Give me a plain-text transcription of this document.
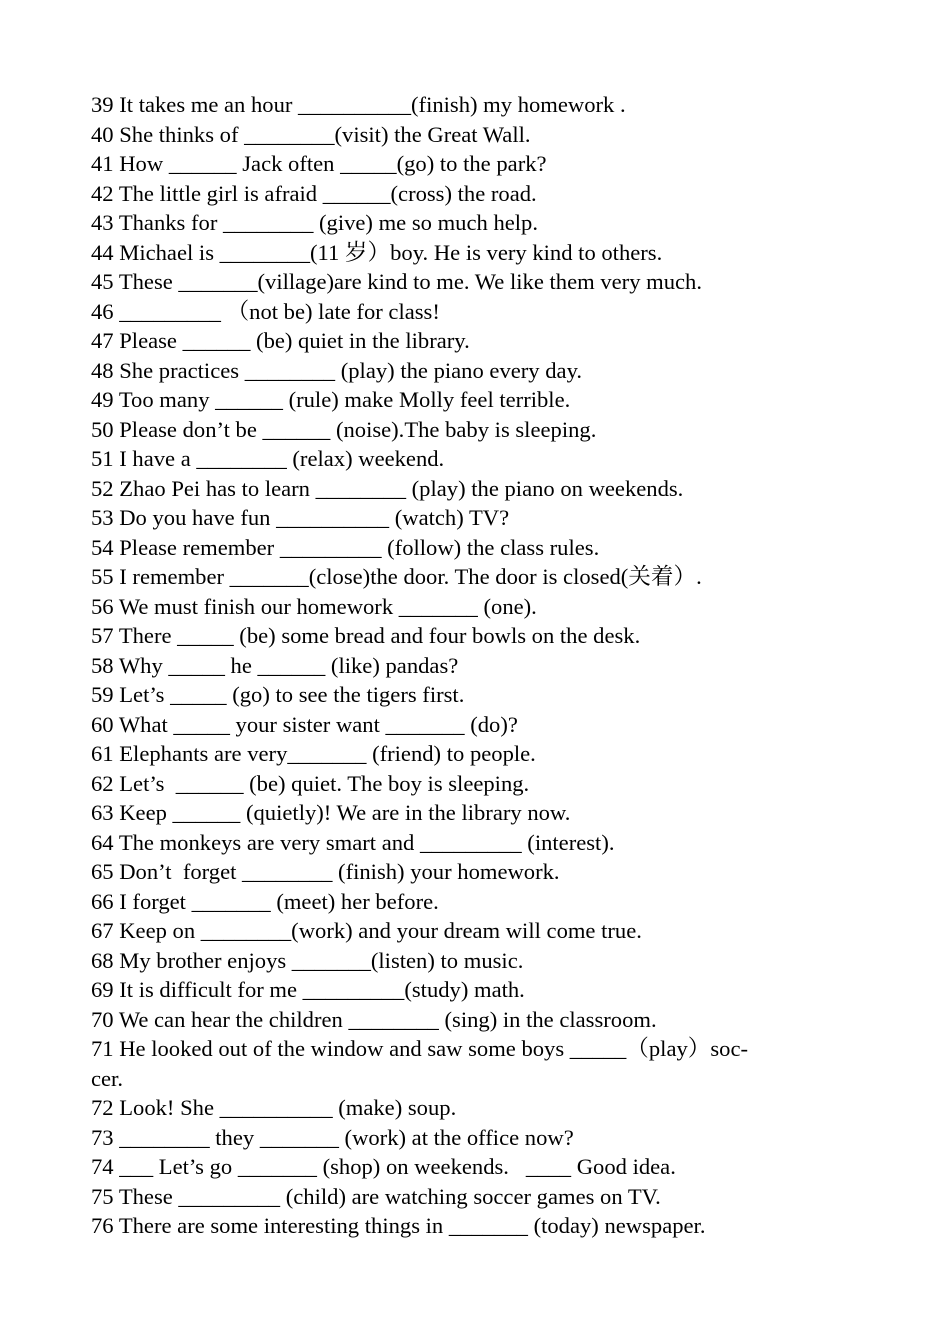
39 It takes me an hour __________(finish) my homework .
40 She thinks of ________(visit) the Great Wall.
41 How ______ Jack often _____(go) to the park?
42 The little girl is afraid ______(cross) the road.
43 Thanks for ________ (give) me so much help.
44 Michael is ________(11 岁）boy. He is very kind to others.
45 These _______(village)are kind to me. We like them very much.
46 _________ （not be) late for class!
47 Please ______ (be) quiet in the library.
48 She practices ________ (play) the piano every day.
49 Too many ______ (rule) make Molly feel terrible.
50 Please don’t be ______ (noise).The baby is sleeping.
51 I have a ________ (relax) weekend.
52 Zhao Pei has to learn ________ (play) the piano on weekends.
53 Do you have fun __________ (watch) TV?
54 Please remember _________ (follow) the class rules.
55 I remember _______(close)the door. The door is closed(关着）.
56 We must finish our homework _______ (one).
57 There _____ (be) some bread and four bowls on the desk.
58 Why _____ he ______ (like) pandas?
59 Let’s _____ (go) to see the tigers first.
60 What _____ your sister want _______ (do)?
61 Elephants are very_______ (friend) to people.
62 Let’s  ______ (be) quiet. The boy is sleeping.
63 Keep ______ (quietly)! We are in the library now.
64 The monkeys are very smart and _________ (interest).
65 Don’t  forget ________ (finish) your homework.
66 I forget _______ (meet) her before.
67 Keep on ________(work) and your dream will come true.
68 My brother enjoys _______(listen) to music.
69 It is difficult for me _________(study) math.
70 We can hear the children ________ (sing) in the classroom.
71 He looked out of the window and saw some boys _____（play）soc-
cer.
72 Look! She __________ (make) soup.
73 ________ they _______ (work) at the office now?
74 ___ Let’s go _______ (shop) on weekends.   ____ Good idea.
75 These _________ (child) are watching soccer games on TV.
76 There are some interesting things in _______ (today) newspaper.
